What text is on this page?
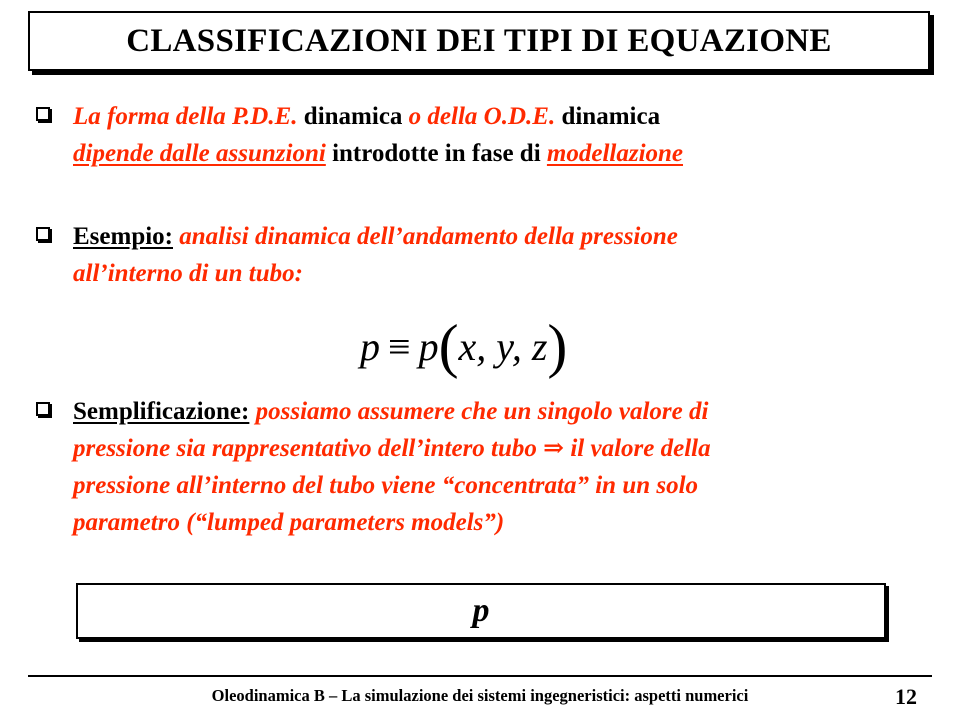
CLASSIFICAZIONI DEI TIPI DI EQUAZIONE
La forma della P.D.E. dinamica o della O.D.E. dinamica
dipende dalle assunzioni introdotte in fase di modellazione
Esempio: analisi dinamica dell’andamento della pressione
all’interno di un tubo:
p ≡ p(x, y, z)
Semplificazione: possiamo assumere che un singolo valore di
pressione sia rappresentativo dell’intero tubo ⇒ il valore della
pressione all’interno del tubo viene “concentrata” in un solo
parametro (“lumped parameters models”)
p
Oleodinamica B – La simulazione dei sistemi ingegneristici: aspetti numerici	12
